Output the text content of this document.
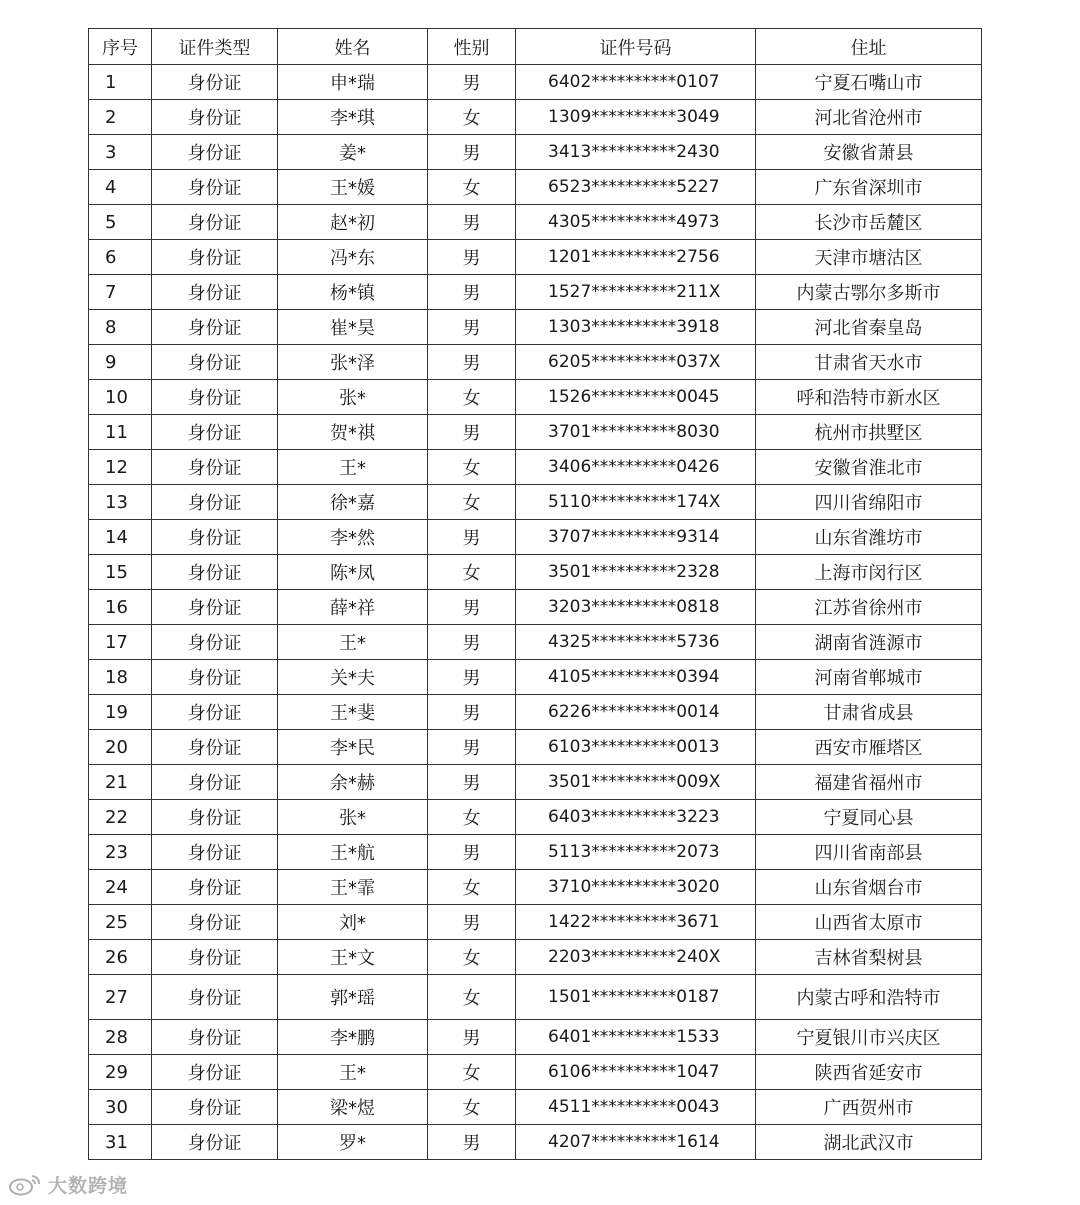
序号	证件类型	姓名	性别	证件号码	住址
1	身份证	申*瑞	男	6402**********0107	宁夏石嘴山市
2	身份证	李*琪	女	1309**********3049	河北省沧州市
3	身份证	姜*	男	3413**********2430	安徽省萧县
4	身份证	王*媛	女	6523**********5227	广东省深圳市
5	身份证	赵*初	男	4305**********4973	长沙市岳麓区
6	身份证	冯*东	男	1201**********2756	天津市塘沽区
7	身份证	杨*镇	男	1527**********211X	内蒙古鄂尔多斯市
8	身份证	崔*昊	男	1303**********3918	河北省秦皇岛
9	身份证	张*泽	男	6205**********037X	甘肃省天水市
10	身份证	张*	女	1526**********0045	呼和浩特市新水区
11	身份证	贺*祺	男	3701**********8030	杭州市拱墅区
12	身份证	王*	女	3406**********0426	安徽省淮北市
13	身份证	徐*嘉	女	5110**********174X	四川省绵阳市
14	身份证	李*然	男	3707**********9314	山东省潍坊市
15	身份证	陈*凤	女	3501**********2328	上海市闵行区
16	身份证	薛*祥	男	3203**********0818	江苏省徐州市
17	身份证	王*	男	4325**********5736	湖南省涟源市
18	身份证	关*夫	男	4105**********0394	河南省郸城市
19	身份证	王*斐	男	6226**********0014	甘肃省成县
20	身份证	李*民	男	6103**********0013	西安市雁塔区
21	身份证	余*赫	男	3501**********009X	福建省福州市
22	身份证	张*	女	6403**********3223	宁夏同心县
23	身份证	王*航	男	5113**********2073	四川省南部县
24	身份证	王*霏	女	3710**********3020	山东省烟台市
25	身份证	刘*	男	1422**********3671	山西省太原市
26	身份证	王*文	女	2203**********240X	吉林省梨树县
27	身份证	郭*瑶	女	1501**********0187	内蒙古呼和浩特市
28	身份证	李*鹏	男	6401**********1533	宁夏银川市兴庆区
29	身份证	王*	女	6106**********1047	陕西省延安市
30	身份证	梁*煜	女	4511**********0043	广西贺州市
31	身份证	罗*	男	4207**********1614	湖北武汉市
大数跨境
